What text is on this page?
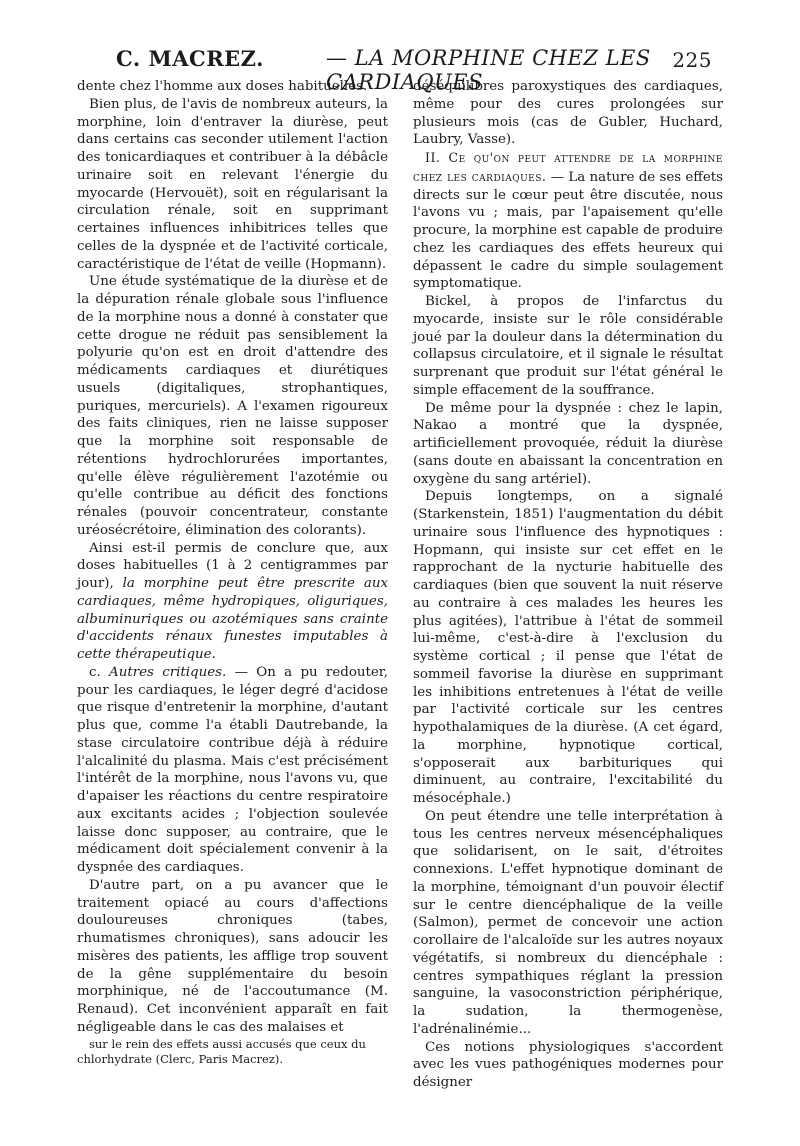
C. MACREZ.	— LA MORPHINE CHEZ LES CARDIAQUES
225

dente chez l'homme aux doses habituelles.

Bien plus, de l'avis de nombreux auteurs, la morphine, loin d'entraver la diurèse, peut dans certains cas seconder utilement l'action des tonicardiaques et contribuer à la débâcle urinaire soit en relevant l'énergie du myocarde (Hervouët), soit en régularisant la circulation rénale, soit en supprimant certaines influences inhibitrices telles que celles de la dyspnée et de l'activité corticale, caractéristique de l'état de veille (Hopmann).

Une étude systématique de la diurèse et de la dépuration rénale globale sous l'influence de la morphine nous a donné à constater que cette drogue ne réduit pas sensiblement la polyurie qu'on est en droit d'attendre des médicaments cardiaques et diurétiques usuels (digitaliques, strophantiques, puriques, mercuriels). A l'examen rigoureux des faits cliniques, rien ne laisse supposer que la morphine soit responsable de rétentions hydrochlorurées importantes, qu'elle élève régulièrement l'azotémie ou qu'elle contribue au déficit des fonctions rénales (pouvoir concentrateur, constante uréosécrétoire, élimination des colorants).

Ainsi est-il permis de conclure que, aux doses habituelles (1 à 2 centigrammes par jour), la morphine peut être prescrite aux cardiaques, même hydropiques, oliguriques, albuminuriques ou azotémiques sans crainte d'accidents rénaux funestes imputables à cette thérapeutique.

c. Autres critiques. — On a pu redouter, pour les cardiaques, le léger degré d'acidose que risque d'entretenir la morphine, d'autant plus que, comme l'a établi Dautrebande, la stase circulatoire contribue déjà à réduire l'alcalinité du plasma. Mais c'est précisément l'intérêt de la morphine, nous l'avons vu, que d'apaiser les réactions du centre respiratoire aux excitants acides ; l'objection soulevée laisse donc supposer, au contraire, que le médicament doit spécialement convenir à la dyspnée des cardiaques.

D'autre part, on a pu avancer que le traitement opiacé au cours d'affections douloureuses chroniques (tabes, rhumatismes chroniques), sans adoucir les misères des patients, les afflige trop souvent de la gêne supplémentaire du besoin morphinique, né de l'accoutumance (M. Renaud). Cet inconvénient apparaît en fait négligeable dans le cas des malaises et

sur le rein des effets aussi accusés que ceux du chlorhydrate (Clerc, Paris Macrez).

déséquilibres paroxystiques des cardiaques, même pour des cures prolongées sur plusieurs mois (cas de Gubler, Huchard, Laubry, Vasse).

II. Ce qu'on peut attendre de la morphine chez les cardiaques. — La nature de ses effets directs sur le cœur peut être discutée, nous l'avons vu ; mais, par l'apaisement qu'elle procure, la morphine est capable de produire chez les cardiaques des effets heureux qui dépassent le cadre du simple soulagement symptomatique.

Bickel, à propos de l'infarctus du myocarde, insiste sur le rôle considérable joué par la douleur dans la détermination du collapsus circulatoire, et il signale le résultat surprenant que produit sur l'état général le simple effacement de la souffrance.

De même pour la dyspnée : chez le lapin, Nakao a montré que la dyspnée, artificiellement provoquée, réduit la diurèse (sans doute en abaissant la concentration en oxygène du sang artériel).

Depuis longtemps, on a signalé (Starkenstein, 1851) l'augmentation du débit urinaire sous l'influence des hypnotiques : Hopmann, qui insiste sur cet effet en le rapprochant de la nycturie habituelle des cardiaques (bien que souvent la nuit réserve au contraire à ces malades les heures les plus agitées), l'attribue à l'état de sommeil lui-même, c'est-à-dire à l'exclusion du système cortical ; il pense que l'état de sommeil favorise la diurèse en supprimant les inhibitions entretenues à l'état de veille par l'activité corticale sur les centres hypothalamiques de la diurèse. (A cet égard, la morphine, hypnotique cortical, s'opposerait aux barbituriques qui diminuent, au contraire, l'excitabilité du mésocéphale.)

On peut étendre une telle interprétation à tous les centres nerveux mésencéphaliques que solidarisent, on le sait, d'étroites connexions. L'effet hypnotique dominant de la morphine, témoignant d'un pouvoir électif sur le centre diencéphalique de la veille (Salmon), permet de concevoir une action corollaire de l'alcaloïde sur les autres noyaux végétatifs, si nombreux du diencéphale : centres sympathiques réglant la pression sanguine, la vasoconstriction périphérique, la sudation, la thermogenèse, l'adrénalinémie...

Ces notions physiologiques s'accordent avec les vues pathogéniques modernes pour désigner
